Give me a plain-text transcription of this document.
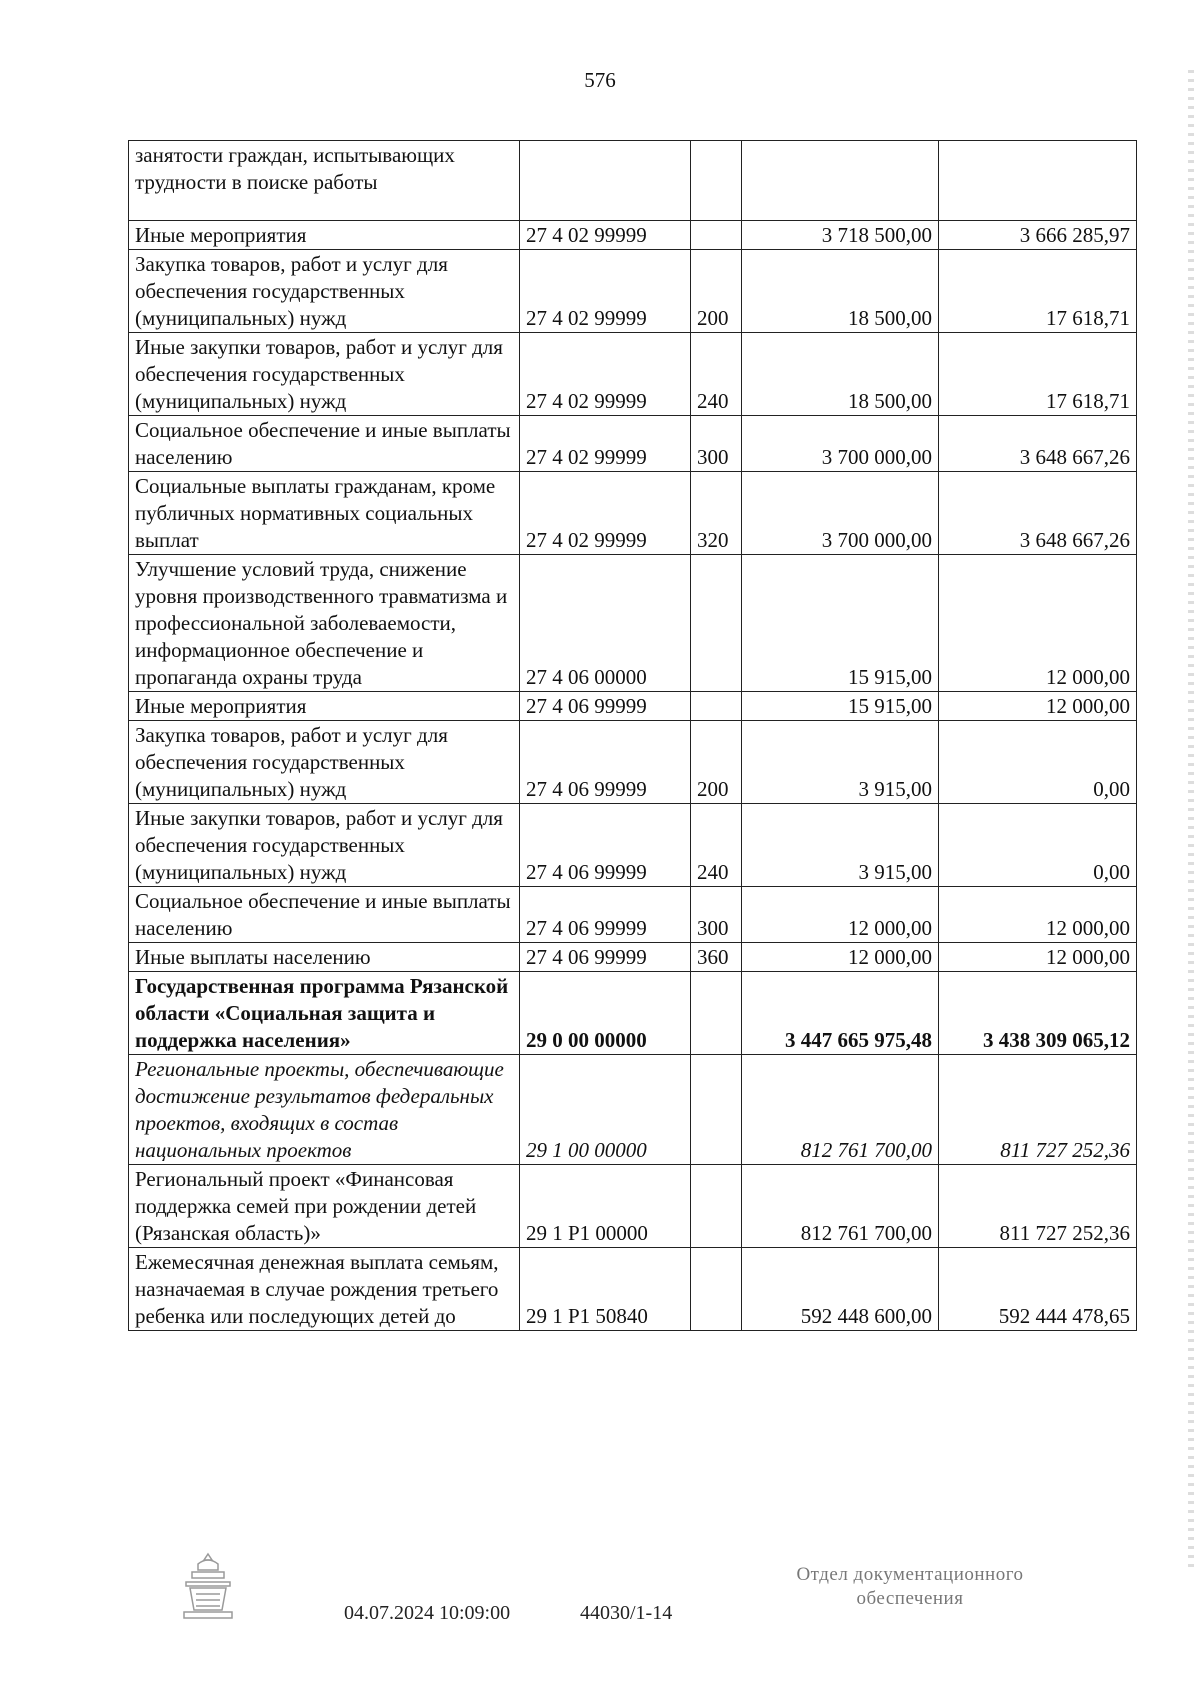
576
занятости граждан, испытывающих трудности в поиске работы				
Иные мероприятия	27 4 02 99999		3 718 500,00	3 666 285,97
Закупка товаров, работ и услуг для обеспечения государственных (муниципальных) нужд	27 4 02 99999	200	18 500,00	17 618,71
Иные закупки товаров, работ и услуг для обеспечения государственных (муниципальных) нужд	27 4 02 99999	240	18 500,00	17 618,71
Социальное обеспечение и иные выплаты населению	27 4 02 99999	300	3 700 000,00	3 648 667,26
Социальные выплаты гражданам, кроме публичных нормативных социальных выплат	27 4 02 99999	320	3 700 000,00	3 648 667,26
Улучшение условий труда, снижение уровня производственного травматизма и профессиональной заболеваемости, информационное обеспечение и пропаганда охраны труда	27 4 06 00000		15 915,00	12 000,00
Иные мероприятия	27 4 06 99999		15 915,00	12 000,00
Закупка товаров, работ и услуг для обеспечения государственных (муниципальных) нужд	27 4 06 99999	200	3 915,00	0,00
Иные закупки товаров, работ и услуг для обеспечения государственных (муниципальных) нужд	27 4 06 99999	240	3 915,00	0,00
Социальное обеспечение и иные выплаты населению	27 4 06 99999	300	12 000,00	12 000,00
Иные выплаты населению	27 4 06 99999	360	12 000,00	12 000,00
Государственная программа Рязанской области «Социальная защита и поддержка населения»	29 0 00 00000		3 447 665 975,48	3 438 309 065,12
Региональные проекты, обеспечивающие достижение результатов федеральных проектов, входящих в состав национальных проектов	29 1 00 00000		812 761 700,00	811 727 252,36
Региональный проект «Финансовая поддержка семей при рождении детей (Рязанская область)»	29 1 P1 00000		812 761 700,00	811 727 252,36
Ежемесячная денежная выплата семьям, назначаемая в случае рождения третьего ребенка или последующих детей до	29 1 P1 50840		592 448 600,00	592 444 478,65
04.07.2024 10:09:00	44030/1-14
Отдел документационного
обеспечения
